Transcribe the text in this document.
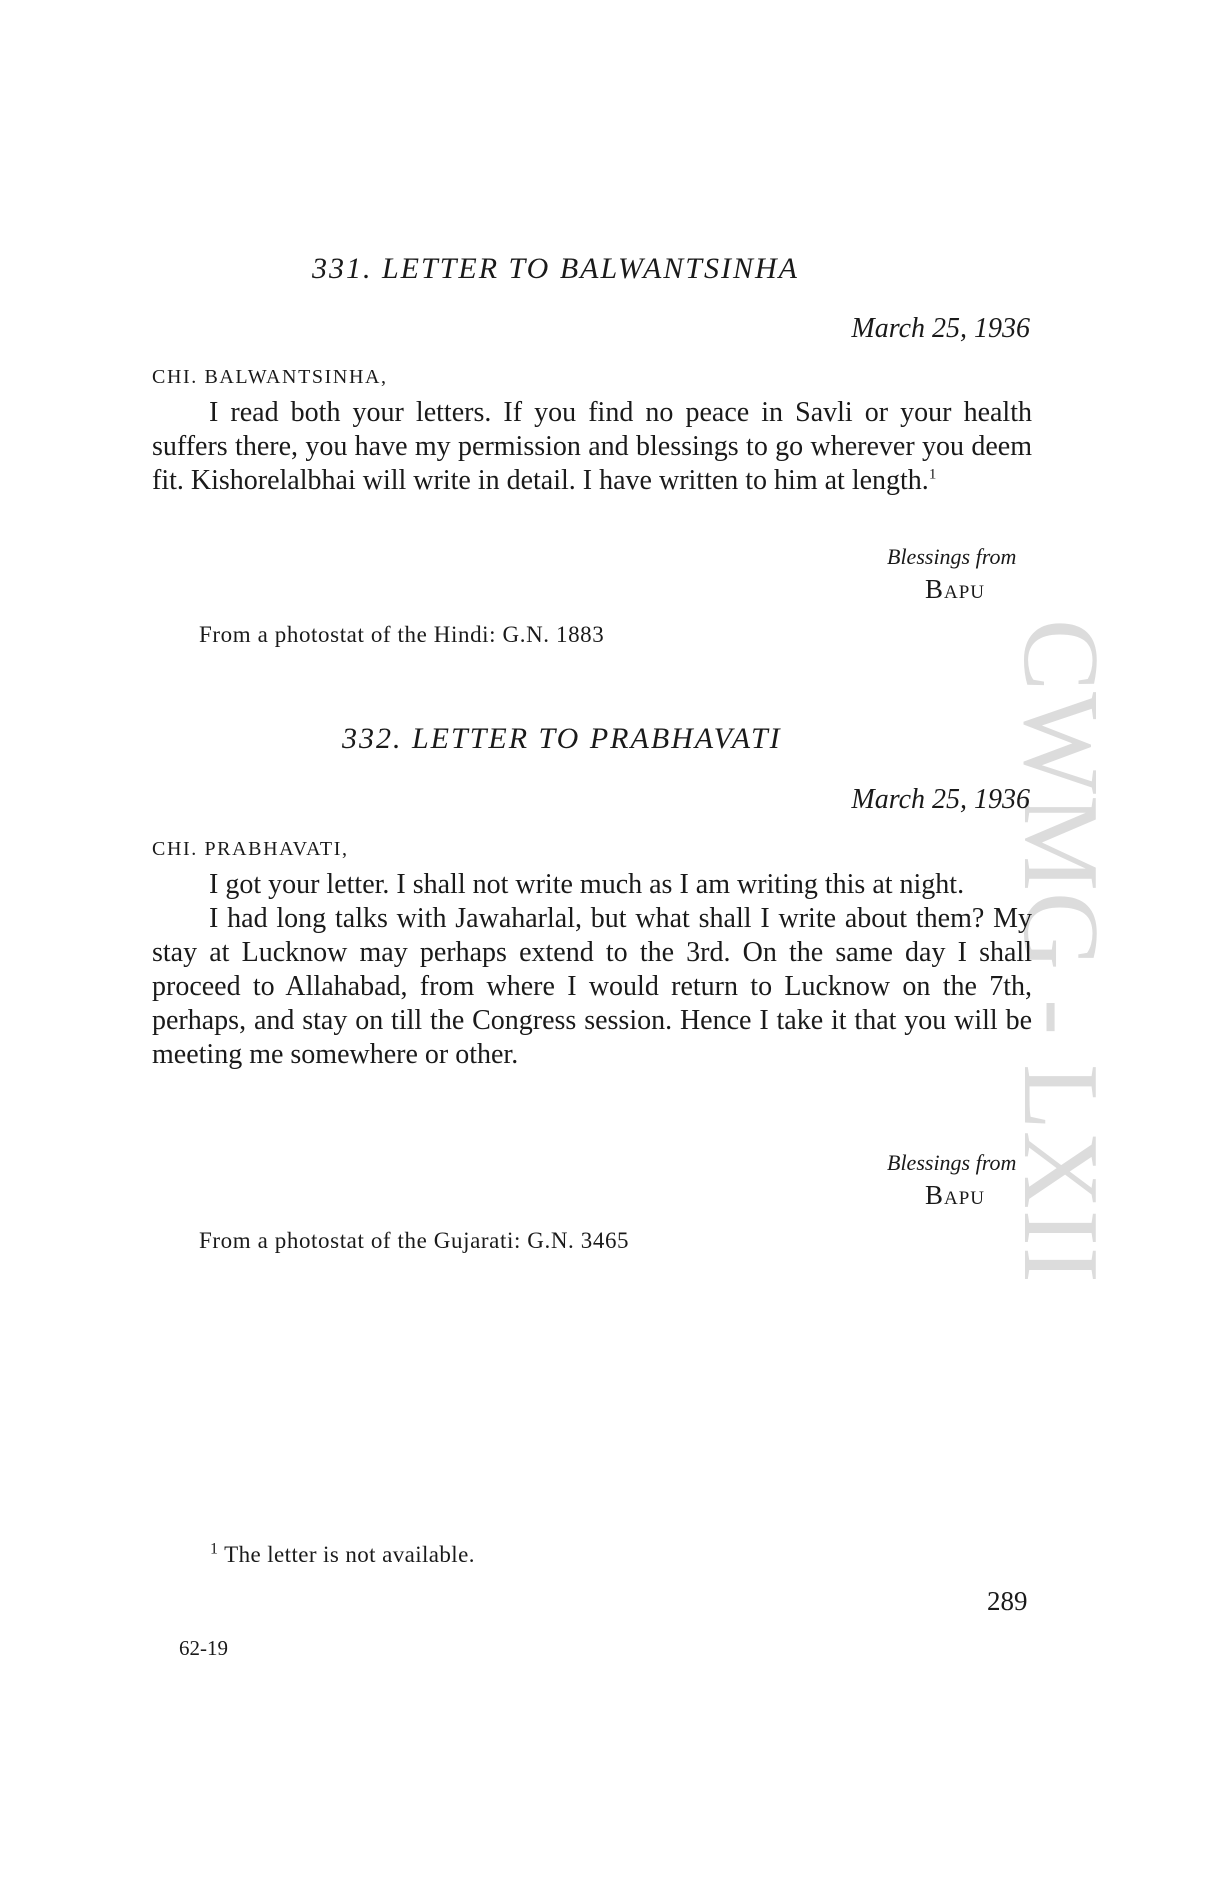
CWMG - LXII
331. LETTER TO BALWANTSINHA
March 25, 1936
CHI. BALWANTSINHA,

I read both your letters. If you find no peace in Savli or your health suffers there, you have my permission and blessings to go wherever you deem fit. Kishorelalbhai will write in detail. I have written to him at length.$^1$

Blessings from
Bapu
From a photostat of the Hindi: G.N. 1883
332. LETTER TO PRABHAVATI
March 25, 1936
CHI. PRABHAVATI,

I got your letter. I shall not write much as I am writing this at night.

I had long talks with Jawaharlal, but what shall I write about them? My stay at Lucknow may perhaps extend to the 3rd. On the same day I shall proceed to Allahabad, from where I would return to Lucknow on the 7th, perhaps, and stay on till the Congress session. Hence I take it that you will be meeting me somewhere or other.

Blessings from
Bapu
From a photostat of the Gujarati: G.N. 3465
$^1$ The letter is not available.
289
62-19
